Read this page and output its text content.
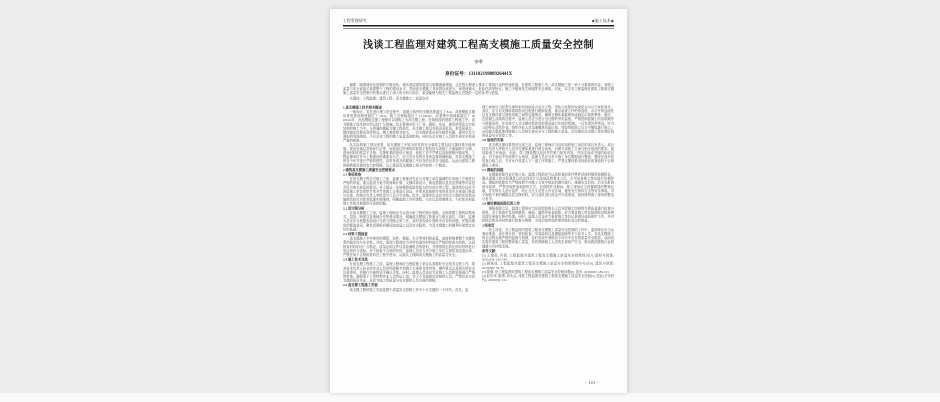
工程管理研究	◆施工技术◆
浅谈工程监理对建筑工程高支模施工质量安全控制
李季
身份证号：13110219880926441X
摘要：随着城市化进程的不断加快，城市高层建筑数量与规模逐渐增加，这在很大程度上推动了建筑行业的快速发展。在建筑工程施工中，高支模施工是一项十分重要的内容，其施工质量与安全直接关系着整个工程的建设水平。然而高支模施工具有搭设高度大、承受荷载大、危险性高等特点，施工中极易发生坍塌等安全事故。对此，本文对工程监理在建筑工程高支模施工质量安全控制中的要点进行了深入的分析与探讨，希望能够为相关工程监理人员提供一定的参考与借鉴。
关键词：工程监理；建筑工程；高支模施工；质量安全
1 高支模施工技术相关概述
一般而言，若在进行施工的过程中，混凝土构件的支模高度超过了 8 m，或者模板支撑体系的搭设跨度超过了 18 m，施工总荷载超过了 15 kN/m²，或者集中线荷载超过了 20 kN/m 时，此类模板支撑工程便可以被称之为高支模工程。在现阶段的建筑工程施工中，高支模施工技术的应用已经十分普遍，其主要被应用于厂房、剧院、车站、展览馆等高大空间结构的施工当中。与普通的模板支撑工程相比，高支模工程具有搭设高度高、承受荷载大、整体稳定性要求高等特点，施工难度相对较大，一旦支撑体系出现失稳等问题，极易引发大面积的坍塌事故，不仅会对工程的施工质量造成影响，同时还会对施工人员的生命安全构成严重的威胁。
从实际的施工情况来看，高支模施工中较为常见的安全事故主要包括支撑体系失稳坍塌、高处坠落以及物体打击等，而造成这些事故的原因主要包括专项施工方案编制不合理、进场材料的质量不合格、支撑体系的搭设不规范、验收工作不严格以及拆除程序错误等。工程监理单位作为工程建设的重要参与方，应当充分发挥自身的监督管理职能，对高支模施工的各个环节进行严格的把控，及时发现并消除施工中存在的各类安全隐患，从而为建筑工程的顺利建设提供有力的保障，以上就是高支模施工相关内容的一个概述。
2 建筑高支模施工质量安全控制要点
2.1 事前准备
在高支模工程正式施工之前，监理工程师首先应当对施工单位编制的专项施工方案进行严格的审查，重点检查方案中的荷载计算、支撑体系设计、构造措施以及应急预案等内容是否符合相关规范的要求。对于超过一定规模的危险性较大的分部分项工程，监理单位还应当督促施工单位组织专家对专项施工方案进行论证，并要求其根据专家的意见对方案进行修改与完善，经相关负责人审批签字之后方可实施。此外，监理单位还应当结合工程的实际情况编制具有针对性的监理实施细则，明确监理工作的流程、方法以及控制要点，为后续各项监理工作的开展提供可靠的依据。
2.2 设计图分析
在高支模施工之前，监理工程师应当认真分析工程的设计图纸，全面掌握工程的结构形式、层高、跨度以及荷载分布等基本情况，明确高支模施工的重点与难点部位。同时，监理人员还应当积极参加设计交底与图纸会审工作，及时发现设计图纸中存在的问题，并提出相应的修改意见，避免因图纸问题而造成返工以及安全隐患，为高支模施工的顺利开展奠定良好的基础。
2.3 材料工程检查
高支模施工中所使用的钢管、扣件、模板、木方等材料的质量，直接影响着整个支撑体系的稳定性与安全性。对此，监理工程师应当对所有进场材料进行严格的检查与验收，认真核查材料的出厂合格证、质量证明文件以及检测报告等资料，并按照规定的比例对材料进行见证取样与送检。对于检验不合格的材料，监理人员应当责令施工单位立即将其清退出场，严禁任何不合格的材料在工程中使用，从源头上保障高支模施工的质量与安全。
2.4 施工技术交底
在高支模工程施工之前，监理工程师应当督促施工单位认真做好安全技术交底工作，要求技术负责人向全体作业人员详细讲解专项施工方案的具体内容、操作要点以及相关的安全注意事项，并履行书面的签字确认手续。同时，监理人员还应当对施工人员的资格进行严格的审查，确保架子工等特种作业人员持证上岗，对于不具备相应资格的人员，严禁其参与高支模的搭设作业，从而为施工的质量与安全提供人员方面的保障。
2.5 高支模工程施工安装
高支模工程的施工安装是整个质量安全控制工作中十分关键的一个环节。首先，监
理工程师应当检查支撑体系的基础是否坚实平整，垫板与底座的设置是否符合方案的要求；其次，应当对支撑体系的搭设过程进行跟踪检查，重点检查立杆的垂直度、水平杆的连续性以及支撑体系与建筑结构之间的连接情况，确保支撑体系能够形成稳定可靠的整体；最后，在混凝土浇筑的过程中，监理人员应当进行全过程的旁站监督，严格控制混凝土的浇筑顺序与堆载高度，并安排专人对支撑体系的变形情况进行实时的观测，一旦发现异常情况，应当立即停止浇筑作业，组织作业人员迅速撤离危险区域，待险情排除之后方可继续进行施工，从而最大限度地保障施工人员的生命安全与工程的施工质量，切实做好高支模工程安装阶段的质量安全管控工作。
2.6 验收的实施
高支模支撑体系搭设完成之后，监理工程师应当及时组织施工单位的项目负责人、项目技术负责人等相关人员对支撑体系进行联合验收，对照专项施工方案与相关规范的要求，逐项检查立杆间距、步距、剪刀撑设置以及扣件拧紧力矩等内容，并如实形成书面的验收记录。对于验收中发现的不合格项，监理人员应当责令施工单位限期进行整改，整改完成并经复查合格之后，方可允许其进入下一道工序的施工，严禁支撑体系未经验收或者验收不合格便投入使用。
2.7 模板的拆除
在模板拆除作业开始之前，监理工程师应当认真检查同条件养护试块的强度检测报告，确认混凝土的实际强度已经达到设计以及规范的要求之后，方可同意施工单位进行拆模作业。模板的拆除应当严格按照专项施工方案中规定的顺序进行，遵循先支后拆、后支先拆的基本原则，严禁采取野蛮拆除的方式。在拆除作业期间，施工现场应当设置明显的警戒区域，并安排专人进行监护，防止无关人员进入作业区域，避免发生物体打击等安全事故。对于拆除下来的模板以及支撑材料，应当及时进行清运并分类堆放，始终保持施工现场的整洁与有序。
2.8 做好模板拆除后的工作
模板拆除之后，监理工程师应当及时组织相关人员对混凝土结构的外观质量进行检查与验收，对于检查中发现的蜂窝、麻面、露筋等质量缺陷，应当要求施工单位按照经过批准的处理方案进行修补处理。同时，监理人员还应当督促施工单位认真做好成品保护工作，并对拆除后的各类材料进行检查与维修，为其后续的周转使用做好充分的准备。
3 结束语
综上所述，在工程监理对建筑工程高支模施工质量安全控制的工作中，监理单位应当从事前准备、设计图分析、材料检查、安装验收以及模板拆除等多个环节入手，对高支模施工的全过程实施严格的监督与管理，及时发现并消除各个环节中存在的质量安全隐患，从而切实提升建筑工程的整体施工质量，有效保障施工人员的生命财产安全，推动我国建筑行业的健康与可持续发展。
参考文献：
[1] 王瑞亮, 肖燕. 工程监理对建筑工程高支模施工质量安全控制探讨[J]. 建材与装饰, 2021(01): 142-144.
[2] 顾桂成. 工程监理对建筑工程高支模施工质量安全控制思路与办法[J]. 建筑与预算, 2019(08): 52-55.
[3] 陈强. 论工程监理对建筑工程高支模施工质量安全控制问题[J]. 居舍, 2019(02): 189-191.
[4] 赵庆军, 陈勇, 刘永志. 浅析工程监理对建筑工程高支模施工质量安全控制[J]. 居业(平安时代), 2020(01): 121.
- 143 -
